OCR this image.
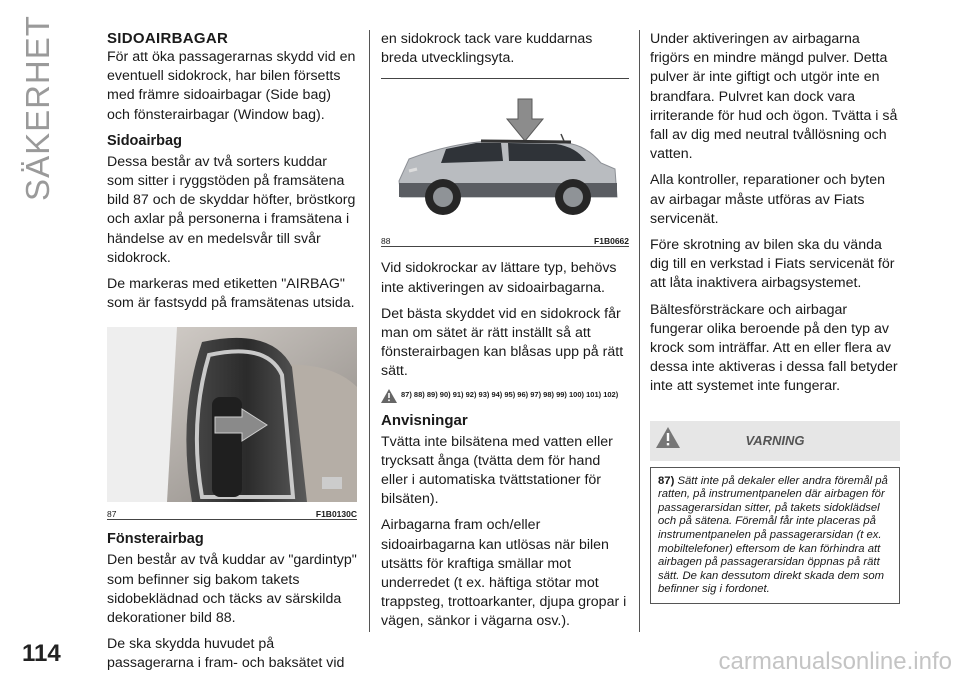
SÄKERHET	SIDOAIRBAGAR

För att öka passagerarnas skydd vid en eventuell sidokrock, har bilen försetts med främre sidoairbagar (Side bag) och fönsterairbagar (Window bag).

Sidoairbag

Dessa består av två sorters kuddar som sitter i ryggstöden på framsätena bild 87 och de skyddar höfter, bröstkorg och axlar på personerna i framsätena i händelse av en medelsvår till svår sidokrock.

De markeras med etiketten "AIRBAG" som är fastsydd på framsätenas utsida.

87	F1B0130C
Fönsterairbag

Den består av två kuddar av "gardintyp" som befinner sig bakom takets sidobeklädnad och täcks av särskilda dekorationer bild 88.

De ska skydda huvudet på passagerarna i fram- och baksätet vid

en sidokrock tack vare kuddarnas breda utvecklingsyta.

88	F1B0662

Vid sidokrockar av lättare typ, behövs inte aktiveringen av sidoairbagarna.

Det bästa skyddet vid en sidokrock får man om sätet är rätt inställt så att fönsterairbagen kan blåsas upp på rätt sätt.

87) 88) 89) 90) 91) 92) 93) 94) 95) 96) 97) 98) 99) 100) 101) 102)
Anvisningar

Tvätta inte bilsätena med vatten eller trycksatt ånga (tvätta dem för hand eller i automatiska tvättstationer för bilsäten).

Airbagarna fram och/eller sidoairbagarna kan utlösas när bilen utsätts för kraftiga smällar mot underredet (t ex. häftiga stötar mot trappsteg, trottoarkanter, djupa gropar i vägen, sänkor i vägarna osv.).

Under aktiveringen av airbagarna frigörs en mindre mängd pulver. Detta pulver är inte giftigt och utgör inte en brandfara. Pulvret kan dock vara irriterande för hud och ögon. Tvätta i så fall av dig med neutral tvållösning och vatten.

Alla kontroller, reparationer och byten av airbagar måste utföras av Fiats servicenät.

Före skrotning av bilen ska du vända dig till en verkstad i Fiats servicenät för att låta inaktivera airbagsystemet.

Bältesförsträckare och airbagar fungerar olika beroende på den typ av krock som inträffar. Att en eller flera av dessa inte aktiveras i dessa fall betyder inte att systemet inte fungerar.

VARNING
87) Sätt inte på dekaler eller andra föremål på ratten, på instrumentpanelen där airbagen för passagerarsidan sitter, på takets sidoklädsel och på sätena. Föremål får inte placeras på instrumentpanelen på passagerarsidan (t ex. mobiltelefoner) eftersom de kan förhindra att airbagen på passagerarsidan öppnas på rätt sätt. De kan dessutom direkt skada dem som befinner sig i fordonet.
114	carmanualsonline.info
